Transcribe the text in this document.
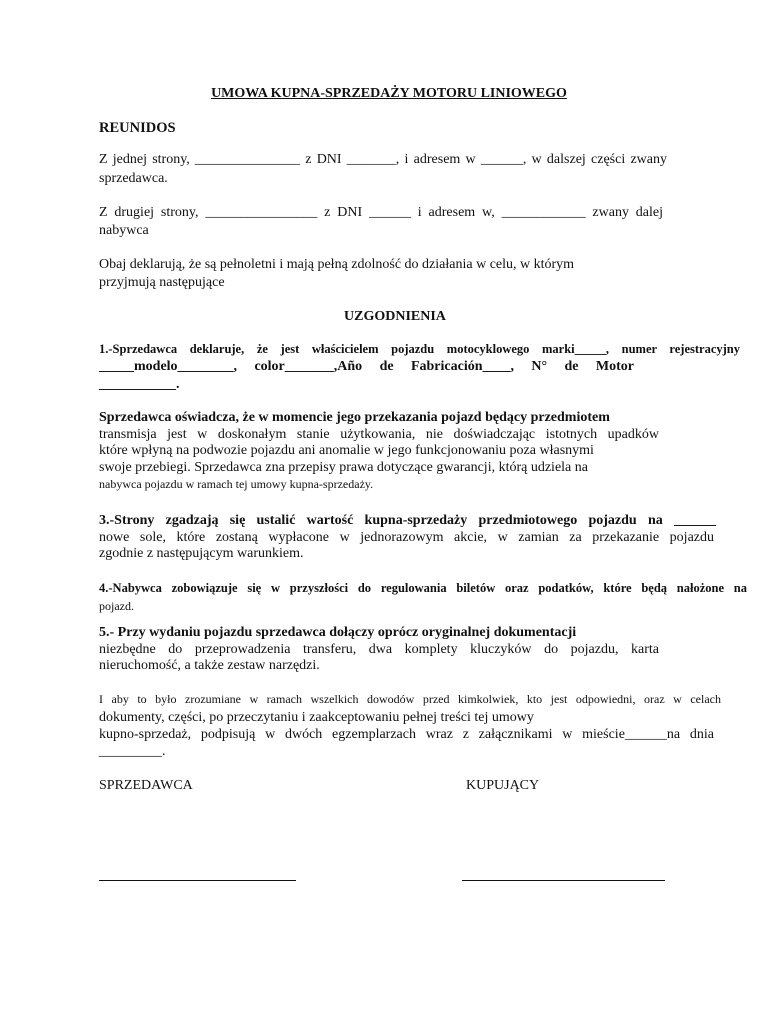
UMOWA KUPNA-SPRZEDAŻY MOTORU LINIOWEGO
REUNIDOS
Z jednej strony, _______________ z DNI _______, i adresem w ______, w dalszej części zwany
sprzedawca.
Z drugiej strony, ________________ z DNI ______ i adresem w, ____________ zwany dalej
nabywca
Obaj deklarują, że są pełnoletni i mają pełną zdolność do działania w celu, w którym
przyjmują następujące
UZGODNIENIA
1.-Sprzedawca deklaruje, że jest właścicielem pojazdu motocyklowego marki_____, numer rejestracyjny
_____modelo________, color_______,Año de Fabricación____, N° de Motor
___________.
Sprzedawca oświadcza, że w momencie jego przekazania pojazd będący przedmiotem
transmisja jest w doskonałym stanie użytkowania, nie doświadczając istotnych upadków
które wpłyną na podwozie pojazdu ani anomalie w jego funkcjonowaniu poza własnymi
swoje przebiegi. Sprzedawca zna przepisy prawa dotyczące gwarancji, którą udziela na
nabywca pojazdu w ramach tej umowy kupna-sprzedaży.
3.-Strony zgadzają się ustalić wartość kupna-sprzedaży przedmiotowego pojazdu na ______
nowe sole, które zostaną wypłacone w jednorazowym akcie, w zamian za przekazanie pojazdu
zgodnie z następującym warunkiem.
4.-Nabywca zobowiązuje się w przyszłości do regulowania biletów oraz podatków, które będą nałożone na
pojazd.
5.- Przy wydaniu pojazdu sprzedawca dołączy oprócz oryginalnej dokumentacji
niezbędne do przeprowadzenia transferu, dwa komplety kluczyków do pojazdu, karta
nieruchomość, a także zestaw narzędzi.
I aby to było zrozumiane w ramach wszelkich dowodów przed kimkolwiek, kto jest odpowiedni, oraz w celach
dokumenty, części, po przeczytaniu i zaakceptowaniu pełnej treści tej umowy
kupno-sprzedaż, podpisują w dwóch egzemplarzach wraz z załącznikami w mieście______na dnia
_________.
SPRZEDAWCA	KUPUJĄCY
